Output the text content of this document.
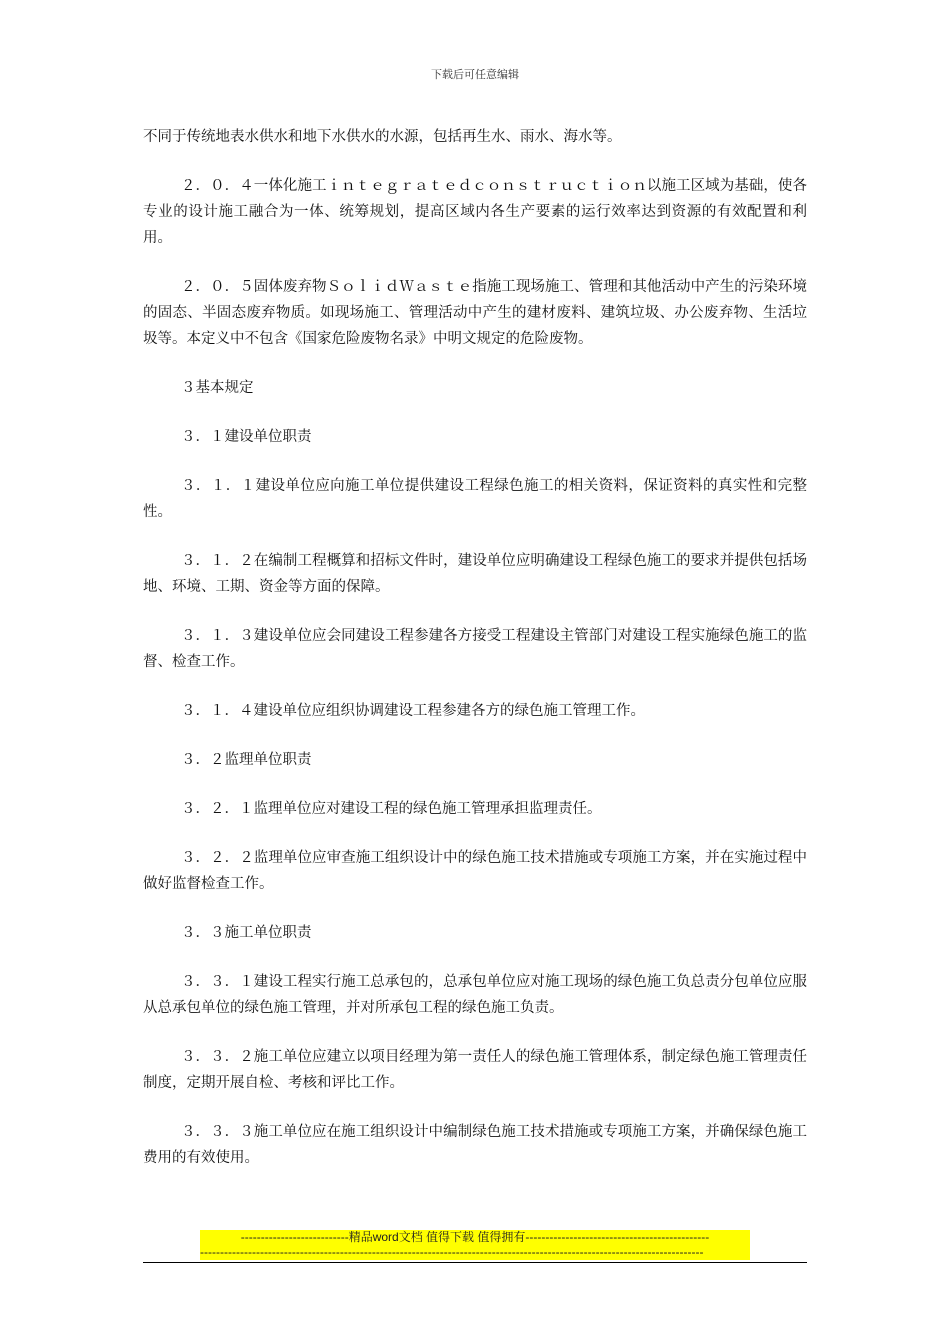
下载后可任意编辑

不同于传统地表水供水和地下水供水的水源，包括再生水、雨水、海水等。

２．０．４一体化施工ｉｎｔｅｇｒａｔｅｄｃｏｎｓｔｒｕｃｔｉｏｎ以施工区域为基础，使各专业的设计施工融合为一体、统筹规划，提高区域内各生产要素的运行效率达到资源的有效配置和利用。

２．０．５固体废弃物ＳｏｌｉｄＷａｓｔｅ指施工现场施工、管理和其他活动中产生的污染环境的固态、半固态废弃物质。如现场施工、管理活动中产生的建材废料、建筑垃圾、办公废弃物、生活垃圾等。本定义中不包含《国家危险废物名录》中明文规定的危险废物。

３基本规定

３．１建设单位职责

３．１．１建设单位应向施工单位提供建设工程绿色施工的相关资料，保证资料的真实性和完整性。

３．１．２在编制工程概算和招标文件时，建设单位应明确建设工程绿色施工的要求并提供包括场地、环境、工期、资金等方面的保障。

３．１．３建设单位应会同建设工程参建各方接受工程建设主管部门对建设工程实施绿色施工的监督、检查工作。

３．１．４建设单位应组织协调建设工程参建各方的绿色施工管理工作。

３．２监理单位职责

３．２．１监理单位应对建设工程的绿色施工管理承担监理责任。

３．２．２监理单位应审查施工组织设计中的绿色施工技术措施或专项施工方案，并在实施过程中做好监督检查工作。

３．３施工单位职责

３．３．１建设工程实行施工总承包的，总承包单位应对施工现场的绿色施工负总责分包单位应服从总承包单位的绿色施工管理，并对所承包工程的绿色施工负责。

３．３．２施工单位应建立以项目经理为第一责任人的绿色施工管理体系，制定绿色施工管理责任制度，定期开展自检、考核和评比工作。

３．３．３施工单位应在施工组织设计中编制绿色施工技术措施或专项施工方案，并确保绿色施工费用的有效使用。

---------------------------精品word文档 值得下载 值得拥有----------------------------------------------
------------------------------------------------------------------------------------------------------------------------------
